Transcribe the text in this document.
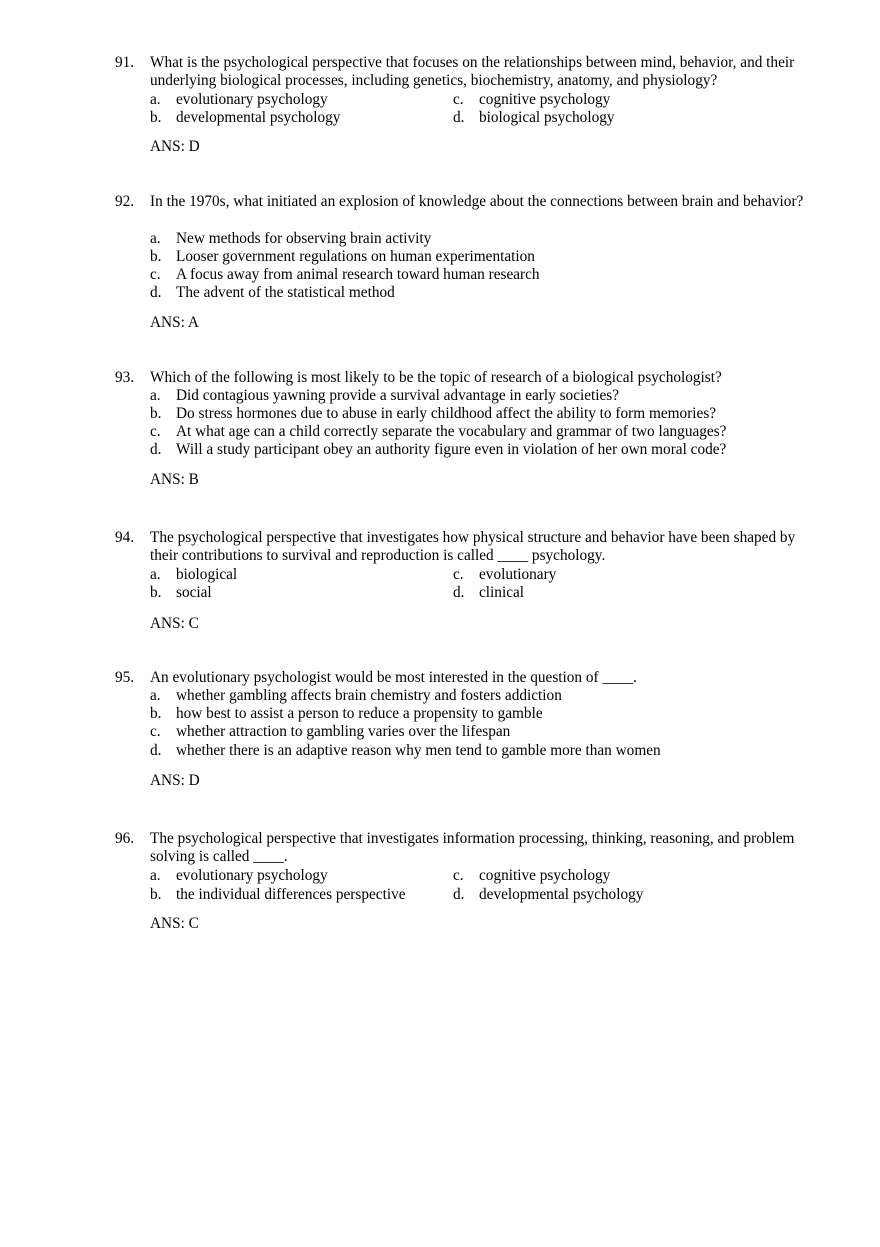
91. What is the psychological perspective that focuses on the relationships between mind, behavior, and their underlying biological processes, including genetics, biochemistry, anatomy, and physiology?
a. evolutionary psychology
b. developmental psychology
c. cognitive psychology
d. biological psychology
ANS: D
92. In the 1970s, what initiated an explosion of knowledge about the connections between brain and behavior?
a. New methods for observing brain activity
b. Looser government regulations on human experimentation
c. A focus away from animal research toward human research
d. The advent of the statistical method
ANS: A
93. Which of the following is most likely to be the topic of research of a biological psychologist?
a. Did contagious yawning provide a survival advantage in early societies?
b. Do stress hormones due to abuse in early childhood affect the ability to form memories?
c. At what age can a child correctly separate the vocabulary and grammar of two languages?
d. Will a study participant obey an authority figure even in violation of her own moral code?
ANS: B
94. The psychological perspective that investigates how physical structure and behavior have been shaped by their contributions to survival and reproduction is called ____ psychology.
a. biological
b. social
c. evolutionary
d. clinical
ANS: C
95. An evolutionary psychologist would be most interested in the question of ____.
a. whether gambling affects brain chemistry and fosters addiction
b. how best to assist a person to reduce a propensity to gamble
c. whether attraction to gambling varies over the lifespan
d. whether there is an adaptive reason why men tend to gamble more than women
ANS: D
96. The psychological perspective that investigates information processing, thinking, reasoning, and problem solving is called ____.
a. evolutionary psychology
b. the individual differences perspective
c. cognitive psychology
d. developmental psychology
ANS: C
